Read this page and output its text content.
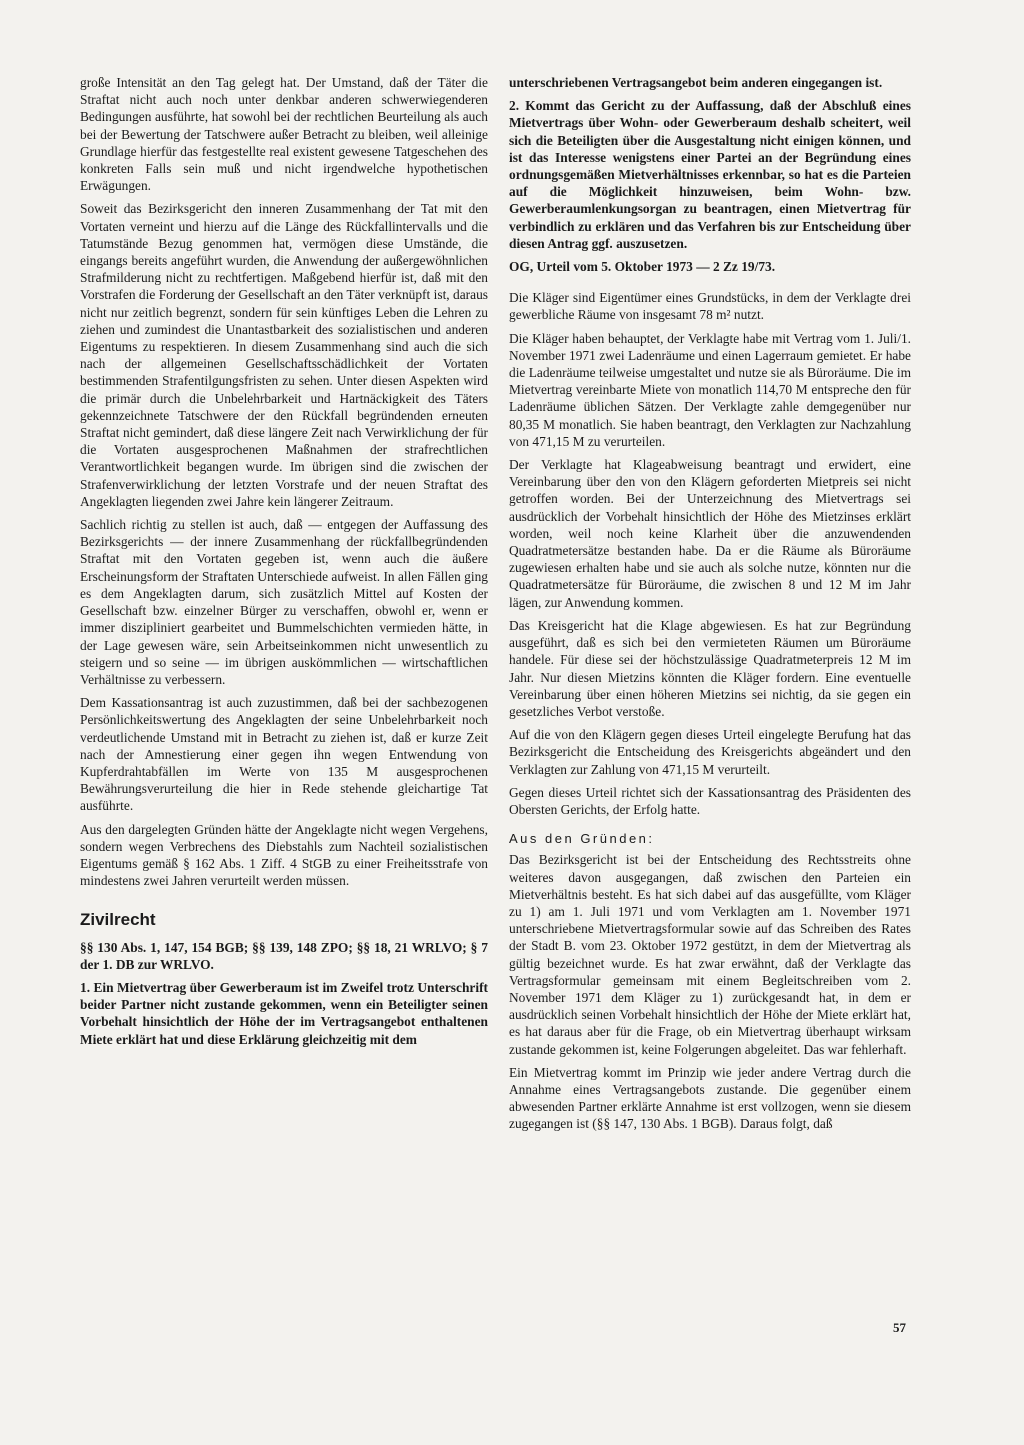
große Intensität an den Tag gelegt hat. Der Umstand, daß der Täter die Straftat nicht auch noch unter denkbar anderen schwerwiegenderen Bedingungen ausführte, hat sowohl bei der rechtlichen Beurteilung als auch bei der Bewertung der Tatschwere außer Betracht zu bleiben, weil alleinige Grundlage hierfür das festgestellte real existent gewesene Tatgeschehen des konkreten Falls sein muß und nicht irgendwelche hypothetischen Erwägungen.

Soweit das Bezirksgericht den inneren Zusammenhang der Tat mit den Vortaten verneint und hierzu auf die Länge des Rückfallintervalls und die Tatumstände Bezug genommen hat, vermögen diese Umstände, die eingangs bereits angeführt wurden, die Anwendung der außergewöhnlichen Strafmilderung nicht zu rechtfertigen. Maßgebend hierfür ist, daß mit den Vorstrafen die Forderung der Gesellschaft an den Täter verknüpft ist, daraus nicht nur zeitlich begrenzt, sondern für sein künftiges Leben die Lehren zu ziehen und zumindest die Unantastbarkeit des sozialistischen und anderen Eigentums zu respektieren. In diesem Zusammenhang sind auch die sich nach der allgemeinen Gesellschaftsschädlichkeit der Vortaten bestimmenden Strafentilgungsfristen zu sehen. Unter diesen Aspekten wird die primär durch die Unbelehrbarkeit und Hartnäckigkeit des Täters gekennzeichnete Tatschwere der den Rückfall begründenden erneuten Straftat nicht gemindert, daß diese längere Zeit nach Verwirklichung der für die Vortaten ausgesprochenen Maßnahmen der strafrechtlichen Verantwortlichkeit begangen wurde. Im übrigen sind die zwischen der Strafenverwirklichung der letzten Vorstrafe und der neuen Straftat des Angeklagten liegenden zwei Jahre kein längerer Zeitraum.

Sachlich richtig zu stellen ist auch, daß — entgegen der Auffassung des Bezirksgerichts — der innere Zusammenhang der rückfallbegründenden Straftat mit den Vortaten gegeben ist, wenn auch die äußere Erscheinungsform der Straftaten Unterschiede aufweist. In allen Fällen ging es dem Angeklagten darum, sich zusätzlich Mittel auf Kosten der Gesellschaft bzw. einzelner Bürger zu verschaffen, obwohl er, wenn er immer diszipliniert gearbeitet und Bummelschichten vermieden hätte, in der Lage gewesen wäre, sein Arbeitseinkommen nicht unwesentlich zu steigern und so seine — im übrigen auskömmlichen — wirtschaftlichen Verhältnisse zu verbessern.

Dem Kassationsantrag ist auch zuzustimmen, daß bei der sachbezogenen Persönlichkeitswertung des Angeklagten der seine Unbelehrbarkeit noch verdeutlichende Umstand mit in Betracht zu ziehen ist, daß er kurze Zeit nach der Amnestierung einer gegen ihn wegen Entwendung von Kupferdrahtabfällen im Werte von 135 M ausgesprochenen Bewährungsverurteilung die hier in Rede stehende gleichartige Tat ausführte.

Aus den dargelegten Gründen hätte der Angeklagte nicht wegen Vergehens, sondern wegen Verbrechens des Diebstahls zum Nachteil sozialistischen Eigentums gemäß § 162 Abs. 1 Ziff. 4 StGB zu einer Freiheitsstrafe von mindestens zwei Jahren verurteilt werden müssen.

Zivilrecht

§§ 130 Abs. 1, 147, 154 BGB; §§ 139, 148 ZPO; §§ 18, 21 WRLVO; § 7 der 1. DB zur WRLVO.

1. Ein Mietvertrag über Gewerberaum ist im Zweifel trotz Unterschrift beider Partner nicht zustande gekommen, wenn ein Beteiligter seinen Vorbehalt hinsichtlich der Höhe der im Vertragsangebot enthaltenen Miete erklärt hat und diese Erklärung gleichzeitig mit dem

unterschriebenen Vertragsangebot beim anderen eingegangen ist.

2. Kommt das Gericht zu der Auffassung, daß der Abschluß eines Mietvertrags über Wohn- oder Gewerberaum deshalb scheitert, weil sich die Beteiligten über die Ausgestaltung nicht einigen können, und ist das Interesse wenigstens einer Partei an der Begründung eines ordnungsgemäßen Mietverhältnisses erkennbar, so hat es die Parteien auf die Möglichkeit hinzuweisen, beim Wohn- bzw. Gewerberaumlenkungsorgan zu beantragen, einen Mietvertrag für verbindlich zu erklären und das Verfahren bis zur Entscheidung über diesen Antrag ggf. auszusetzen.

OG, Urteil vom 5. Oktober 1973 — 2 Zz 19/73.

Die Kläger sind Eigentümer eines Grundstücks, in dem der Verklagte drei gewerbliche Räume von insgesamt 78 m² nutzt.

Die Kläger haben behauptet, der Verklagte habe mit Vertrag vom 1. Juli/1. November 1971 zwei Ladenräume und einen Lagerraum gemietet. Er habe die Ladenräume teilweise umgestaltet und nutze sie als Büroräume. Die im Mietvertrag vereinbarte Miete von monatlich 114,70 M entspreche den für Ladenräume üblichen Sätzen. Der Verklagte zahle demgegenüber nur 80,35 M monatlich. Sie haben beantragt, den Verklagten zur Nachzahlung von 471,15 M zu verurteilen.

Der Verklagte hat Klageabweisung beantragt und erwidert, eine Vereinbarung über den von den Klägern geforderten Mietpreis sei nicht getroffen worden. Bei der Unterzeichnung des Mietvertrags sei ausdrücklich der Vorbehalt hinsichtlich der Höhe des Mietzinses erklärt worden, weil noch keine Klarheit über die anzuwendenden Quadratmetersätze bestanden habe. Da er die Räume als Büroräume zugewiesen erhalten habe und sie auch als solche nutze, könnten nur die Quadratmetersätze für Büroräume, die zwischen 8 und 12 M im Jahr lägen, zur Anwendung kommen.

Das Kreisgericht hat die Klage abgewiesen. Es hat zur Begründung ausgeführt, daß es sich bei den vermieteten Räumen um Büroräume handele. Für diese sei der höchstzulässige Quadratmeterpreis 12 M im Jahr. Nur diesen Mietzins könnten die Kläger fordern. Eine eventuelle Vereinbarung über einen höheren Mietzins sei nichtig, da sie gegen ein gesetzliches Verbot verstoße.

Auf die von den Klägern gegen dieses Urteil eingelegte Berufung hat das Bezirksgericht die Entscheidung des Kreisgerichts abgeändert und den Verklagten zur Zahlung von 471,15 M verurteilt.

Gegen dieses Urteil richtet sich der Kassationsantrag des Präsidenten des Obersten Gerichts, der Erfolg hatte.

Aus den Gründen:

Das Bezirksgericht ist bei der Entscheidung des Rechtsstreits ohne weiteres davon ausgegangen, daß zwischen den Parteien ein Mietverhältnis besteht. Es hat sich dabei auf das ausgefüllte, vom Kläger zu 1) am 1. Juli 1971 und vom Verklagten am 1. November 1971 unterschriebene Mietvertragsformular sowie auf das Schreiben des Rates der Stadt B. vom 23. Oktober 1972 gestützt, in dem der Mietvertrag als gültig bezeichnet wurde. Es hat zwar erwähnt, daß der Verklagte das Vertragsformular gemeinsam mit einem Begleitschreiben vom 2. November 1971 dem Kläger zu 1) zurückgesandt hat, in dem er ausdrücklich seinen Vorbehalt hinsichtlich der Höhe der Miete erklärt hat, es hat daraus aber für die Frage, ob ein Mietvertrag überhaupt wirksam zustande gekommen ist, keine Folgerungen abgeleitet. Das war fehlerhaft.

Ein Mietvertrag kommt im Prinzip wie jeder andere Vertrag durch die Annahme eines Vertragsangebots zustande. Die gegenüber einem abwesenden Partner erklärte Annahme ist erst vollzogen, wenn sie diesem zugegangen ist (§§ 147, 130 Abs. 1 BGB). Daraus folgt, daß

57
